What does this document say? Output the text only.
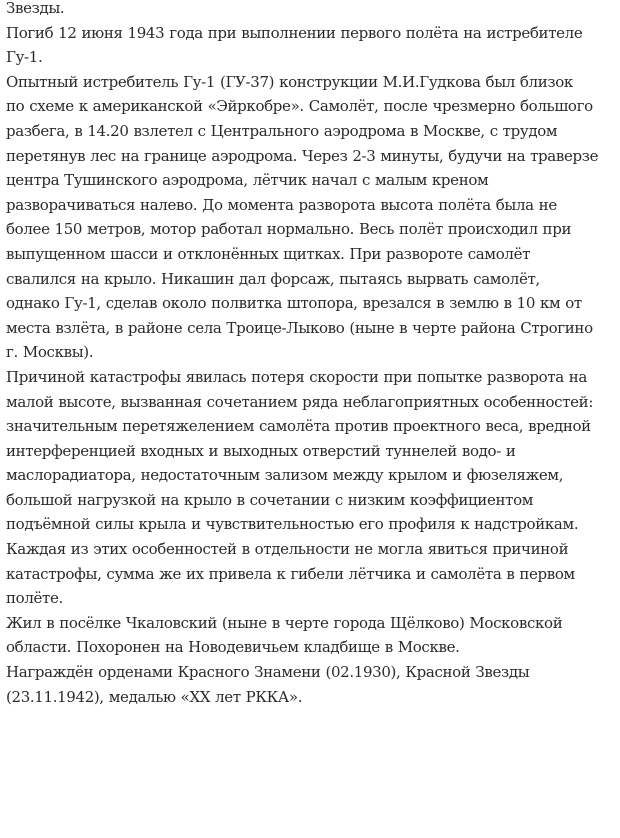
Звезды.
Погиб 12 июня 1943 года при выполнении первого полёта на истребителе
Гу-1.
Опытный истребитель Гу-1 (ГУ-37) конструкции М.И.Гудкова был близок
по схеме к американской «Эйркобре». Самолёт, после чрезмерно большого
разбега, в 14.20 взлетел с Центрального аэродрома в Москве, с трудом
перетянув лес на границе аэродрома. Через 2-3 минуты, будучи на траверзе
центра Тушинского аэродрома, лётчик начал с малым креном
разворачиваться налево. До момента разворота высота полёта была не
более 150 метров, мотор работал нормально. Весь полёт происходил при
выпущенном шасси и отклонённых щитках. При развороте самолёт
свалился на крыло. Никашин дал форсаж, пытаясь вырвать самолёт,
однако Гу-1, сделав около полвитка штопора, врезался в землю в 10 км от
места взлёта, в районе села Троице-Лыково (ныне в черте района Строгино
г. Москвы).
Причиной катастрофы явилась потеря скорости при попытке разворота на
малой высоте, вызванная сочетанием ряда неблагоприятных особенностей:
значительным перетяжелением самолёта против проектного веса, вредной
интерференцией входных и выходных отверстий туннелей водо- и
маслорадиатора, недостаточным зализом между крылом и фюзеляжем,
большой нагрузкой на крыло в сочетании с низким коэффициентом
подъёмной силы крыла и чувствительностью его профиля к надстройкам.
Каждая из этих особенностей в отдельности не могла явиться причиной
катастрофы, сумма же их привела к гибели лётчика и самолёта в первом
полёте.
Жил в посёлке Чкаловский (ныне в черте города Щёлково) Московской
области. Похоронен на Новодевичьем кладбище в Москве.
Награждён орденами Красного Знамени (02.1930), Красной Звезды
(23.11.1942), медалью «XX лет РККА».
